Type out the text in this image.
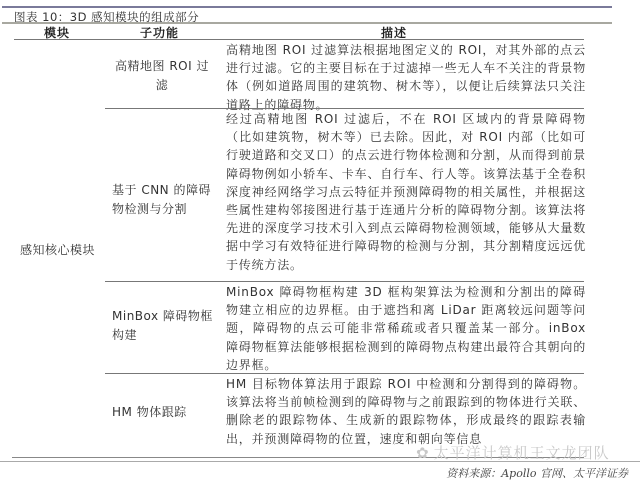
图表 10：3D 感知模块的组成部分
模块	子功能	描述
感知核心模块
高精地图 ROI 过滤
高精地图 ROI 过滤算法根据地图定义的 ROI，对其外部的点云进行过滤。它的主要目标在于过滤掉一些无人车不关注的背景物体（例如道路周围的建筑物、树木等），以便让后续算法只关注道路上的障碍物。
基于 CNN 的障碍物检测与分割
经过高精地图 ROI 过滤后，不在 ROI 区域内的背景障碍物（比如建筑物，树木等）已去除。因此，对 ROI 内部（比如可行驶道路和交叉口）的点云进行物体检测和分割，从而得到前景障碍物例如小轿车、卡车、自行车、行人等。该算法基于全卷积深度神经网络学习点云特征并预测障碍物的相关属性，并根据这些属性建构邻接图进行基于连通片分析的障碍物分割。该算法将先进的深度学习技术引入到点云障碍物检测领域，能够从大量数据中学习有效特征进行障碍物的检测与分割，其分割精度远远优于传统方法。
MinBox 障碍物框构建
MinBox 障碍物框构建 3D 框构架算法为检测和分割出的障碍物建立相应的边界框。由于遮挡和离 LiDar 距离较远问题等问题，障碍物的点云可能非常稀疏或者只覆盖某一部分。inBox 障碍物框算法能够根据检测到的障碍物点构建出最符合其朝向的边界框。
HM 物体跟踪
HM 目标物体算法用于跟踪 ROI 中检测和分割得到的障碍物。该算法将当前帧检测到的障碍物与之前跟踪到的物体进行关联、删除老的跟踪物体、生成新的跟踪物体，形成最终的跟踪表输出，并预测障碍物的位置，速度和朝向等信息
✿ 太平洋计算机王文龙团队
资料来源：Apollo 官网、太平洋证券
